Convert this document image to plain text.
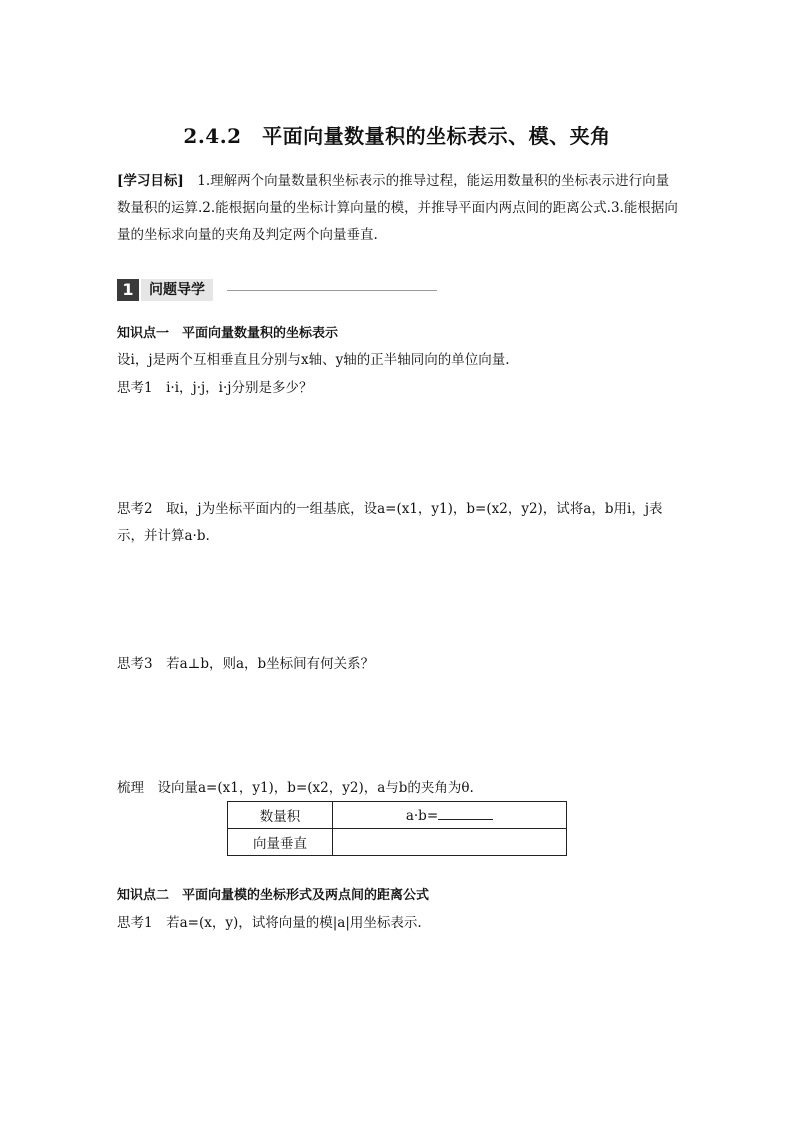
2.4.2　平面向量数量积的坐标表示、模、夹角
[学习目标]　1.理解两个向量数量积坐标表示的推导过程，能运用数量积的坐标表示进行向量数量积的运算.2.能根据向量的坐标计算向量的模，并推导平面内两点间的距离公式.3.能根据向量的坐标求向量的夹角及判定两个向量垂直.
1	问题导学
知识点一　平面向量数量积的坐标表示
设i，j是两个互相垂直且分别与x轴、y轴的正半轴同向的单位向量.
思考1　i·i，j·j，i·j分别是多少？
思考2　取i，j为坐标平面内的一组基底，设a=(x1，y1)，b=(x2，y2)，试将a，b用i，j表示，并计算a·b.
思考3　若a⊥b，则a，b坐标间有何关系？
梳理　设向量a=(x1，y1)，b=(x2，y2)，a与b的夹角为θ.
数量积	a·b=
向量垂直	
知识点二　平面向量模的坐标形式及两点间的距离公式
思考1　若a=(x，y)，试将向量的模|a|用坐标表示.
